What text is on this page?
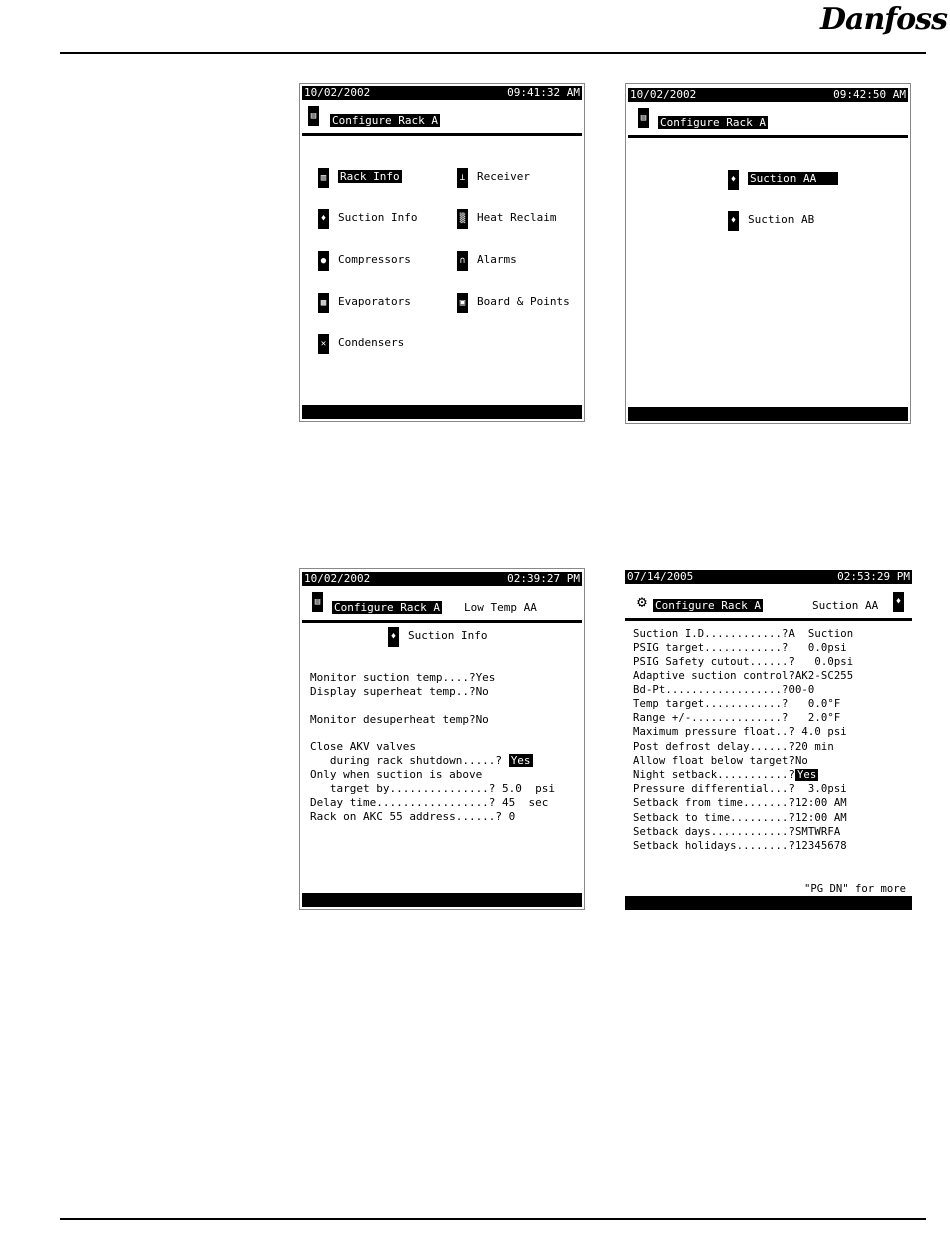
Danfoss
10/02/2002	09:41:32 AM
▤ Configure Rack A
▥ Rack Info	⊥ Receiver
♦ Suction Info	▒ Heat Reclaim
● Compressors	∩ Alarms
▦ Evaporators	▣ Board & Points
✕ Condensers
10/02/2002	09:42:50 AM
▤ Configure Rack A
♦ Suction AA
♦ Suction AB
10/02/2002	02:39:27 PM
▤ Configure Rack A Low Temp AA
♦ Suction Info
Monitor suction temp....?Yes
Display superheat temp..?No
Monitor desuperheat temp?No
Close AKV valves
during rack shutdown.....? Yes
Only when suction is above
target by...............? 5.0  psi
Delay time.................? 45  sec
Rack on AKC 55 address......? 0
07/14/2005	02:53:29 PM
⚙ Configure Rack A	Suction AA	♦
Suction I.D............?A  Suction
PSIG target............?   0.0psi
PSIG Safety cutout......?   0.0psi
Adaptive suction control?AK2-SC255
Bd-Pt..................?00-0
Temp target............?   0.0°F
Range +/-..............?   2.0°F
Maximum pressure float..? 4.0 psi
Post defrost delay......?20 min
Allow float below target?No
Night setback...........? Yes
Pressure differential...?  3.0psi
Setback from time.......?12:00 AM
Setback to time.........?12:00 AM
Setback days............?SMTWRFA
Setback holidays........?12345678
"PG DN" for more
